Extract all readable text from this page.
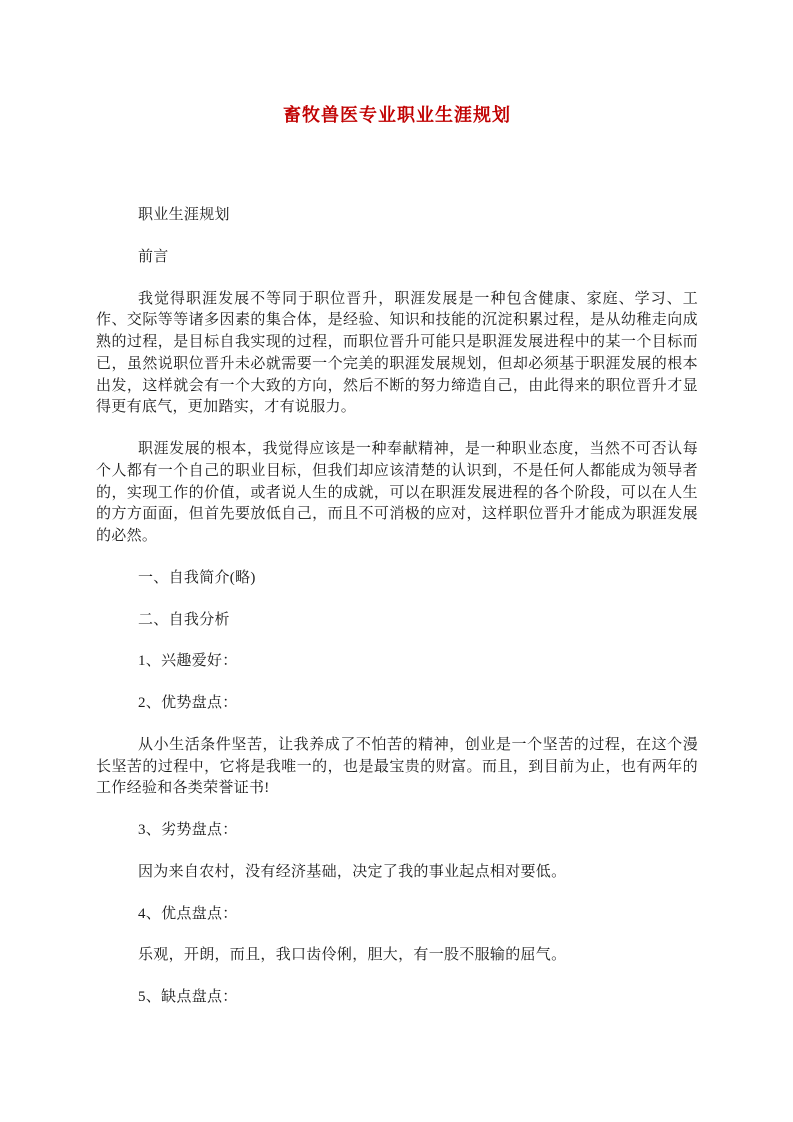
畜牧兽医专业职业生涯规划

职业生涯规划

前言

我觉得职涯发展不等同于职位晋升，职涯发展是一种包含健康、家庭、学习、工作、交际等等诸多因素的集合体，是经验、知识和技能的沉淀积累过程，是从幼稚走向成熟的过程，是目标自我实现的过程，而职位晋升可能只是职涯发展进程中的某一个目标而已，虽然说职位晋升未必就需要一个完美的职涯发展规划，但却必须基于职涯发展的根本出发，这样就会有一个大致的方向，然后不断的努力缔造自己，由此得来的职位晋升才显得更有底气，更加踏实，才有说服力。

职涯发展的根本，我觉得应该是一种奉献精神，是一种职业态度，当然不可否认每个人都有一个自己的职业目标，但我们却应该清楚的认识到，不是任何人都能成为领导者的，实现工作的价值，或者说人生的成就，可以在职涯发展进程的各个阶段，可以在人生的方方面面，但首先要放低自己，而且不可消极的应对，这样职位晋升才能成为职涯发展的必然。

一、自我简介(略)

二、自我分析

1、兴趣爱好：

2、优势盘点：

从小生活条件坚苦，让我养成了不怕苦的精神，创业是一个坚苦的过程，在这个漫长坚苦的过程中，它将是我唯一的，也是最宝贵的财富。而且，到目前为止，也有两年的工作经验和各类荣誉证书!

3、劣势盘点：

因为来自农村，没有经济基础，决定了我的事业起点相对要低。

4、优点盘点：

乐观，开朗，而且，我口齿伶俐，胆大，有一股不服输的屈气。

5、缺点盘点：
